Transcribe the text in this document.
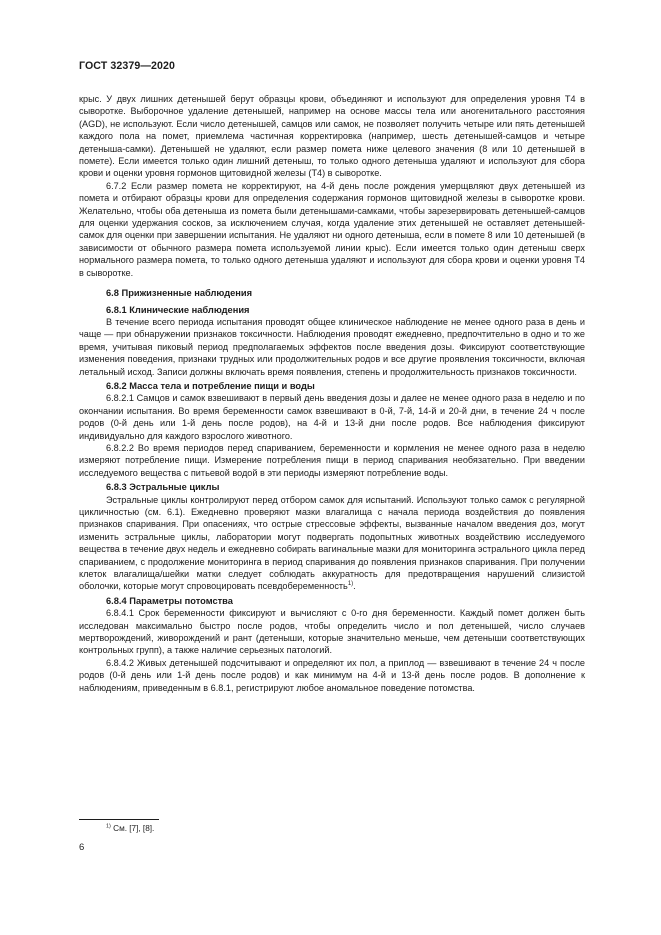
ГОСТ 32379—2020

крыс. У двух лишних детенышей берут образцы крови, объединяют и используют для определения уровня Т4 в сыворотке. Выборочное удаление детенышей, например на основе массы тела или аногенитального расстояния (AGD), не используют. Если число детенышей, самцов или самок, не позволяет получить четыре или пять детенышей каждого пола на помет, приемлема частичная корректировка (например, шесть детенышей-самцов и четыре детеныша-самки). Детенышей не удаляют, если размер помета ниже целевого значения (8 или 10 детенышей в помете). Если имеется только один лишний детеныш, то только одного детеныша удаляют и используют для сбора крови и оценки уровня гормонов щитовидной железы (Т4) в сыворотке.

6.7.2 Если размер помета не корректируют, на 4-й день после рождения умерщвляют двух детенышей из помета и отбирают образцы крови для определения содержания гормонов щитовидной железы в сыворотке крови. Желательно, чтобы оба детеныша из помета были детенышами-самками, чтобы зарезервировать детенышей-самцов для оценки удержания сосков, за исключением случая, когда удаление этих детенышей не оставляет детенышей-самок для оценки при завершении испытания. Не удаляют ни одного детеныша, если в помете 8 или 10 детенышей (в зависимости от обычного размера помета используемой линии крыс). Если имеется только один детеныш сверх нормального размера помета, то только одного детеныша удаляют и используют для сбора крови и оценки уровня Т4 в сыворотке.

6.8 Прижизненные наблюдения
6.8.1 Клинические наблюдения

В течение всего периода испытания проводят общее клиническое наблюдение не менее одного раза в день и чаще — при обнаружении признаков токсичности. Наблюдения проводят ежедневно, предпочтительно в одно и то же время, учитывая пиковый период предполагаемых эффектов после введения дозы. Фиксируют соответствующие изменения поведения, признаки трудных или продолжительных родов и все другие проявления токсичности, включая летальный исход. Записи должны включать время появления, степень и продолжительность признаков токсичности.

6.8.2 Масса тела и потребление пищи и воды

6.8.2.1 Самцов и самок взвешивают в первый день введения дозы и далее не менее одного раза в неделю и по окончании испытания. Во время беременности самок взвешивают в 0-й, 7-й, 14-й и 20-й дни, в течение 24 ч после родов (0-й день или 1-й день после родов), на 4-й и 13-й дни после родов. Все наблюдения фиксируют индивидуально для каждого взрослого животного.

6.8.2.2 Во время периодов перед спариванием, беременности и кормления не менее одного раза в неделю измеряют потребление пищи. Измерение потребления пищи в период спаривания необязательно. При введении исследуемого вещества с питьевой водой в эти периоды измеряют потребление воды.

6.8.3 Эстральные циклы

Эстральные циклы контролируют перед отбором самок для испытаний. Используют только самок с регулярной цикличностью (см. 6.1). Ежедневно проверяют мазки влагалища с начала периода воздействия до появления признаков спаривания. При опасениях, что острые стрессовые эффекты, вызванные началом введения доз, могут изменить эстральные циклы, лаборатории могут подвергать подопытных животных воздействию исследуемого вещества в течение двух недель и ежедневно собирать вагинальные мазки для мониторинга эстрального цикла перед спариванием, с продолжение мониторинга в период спаривания до появления признаков спаривания. При получении клеток влагалища/шейки матки следует соблюдать аккуратность для предотвращения нарушений слизистой оболочки, которые могут спровоцировать псевдобеременность$^{1)}$.

6.8.4 Параметры потомства

6.8.4.1 Срок беременности фиксируют и вычисляют с 0-го дня беременности. Каждый помет должен быть исследован максимально быстро после родов, чтобы определить число и пол детенышей, число случаев мертворождений, живорождений и рант (детеныши, которые значительно меньше, чем детеныши соответствующих контрольных групп), а также наличие серьезных патологий.

6.8.4.2 Живых детенышей подсчитывают и определяют их пол, а приплод — взвешивают в течение 24 ч после родов (0-й день или 1-й день после родов) и как минимум на 4-й и 13-й день после родов. В дополнение к наблюдениям, приведенным в 6.8.1, регистрируют любое аномальное поведение потомства.

$^{1)}$ См. [7], [8].
6
